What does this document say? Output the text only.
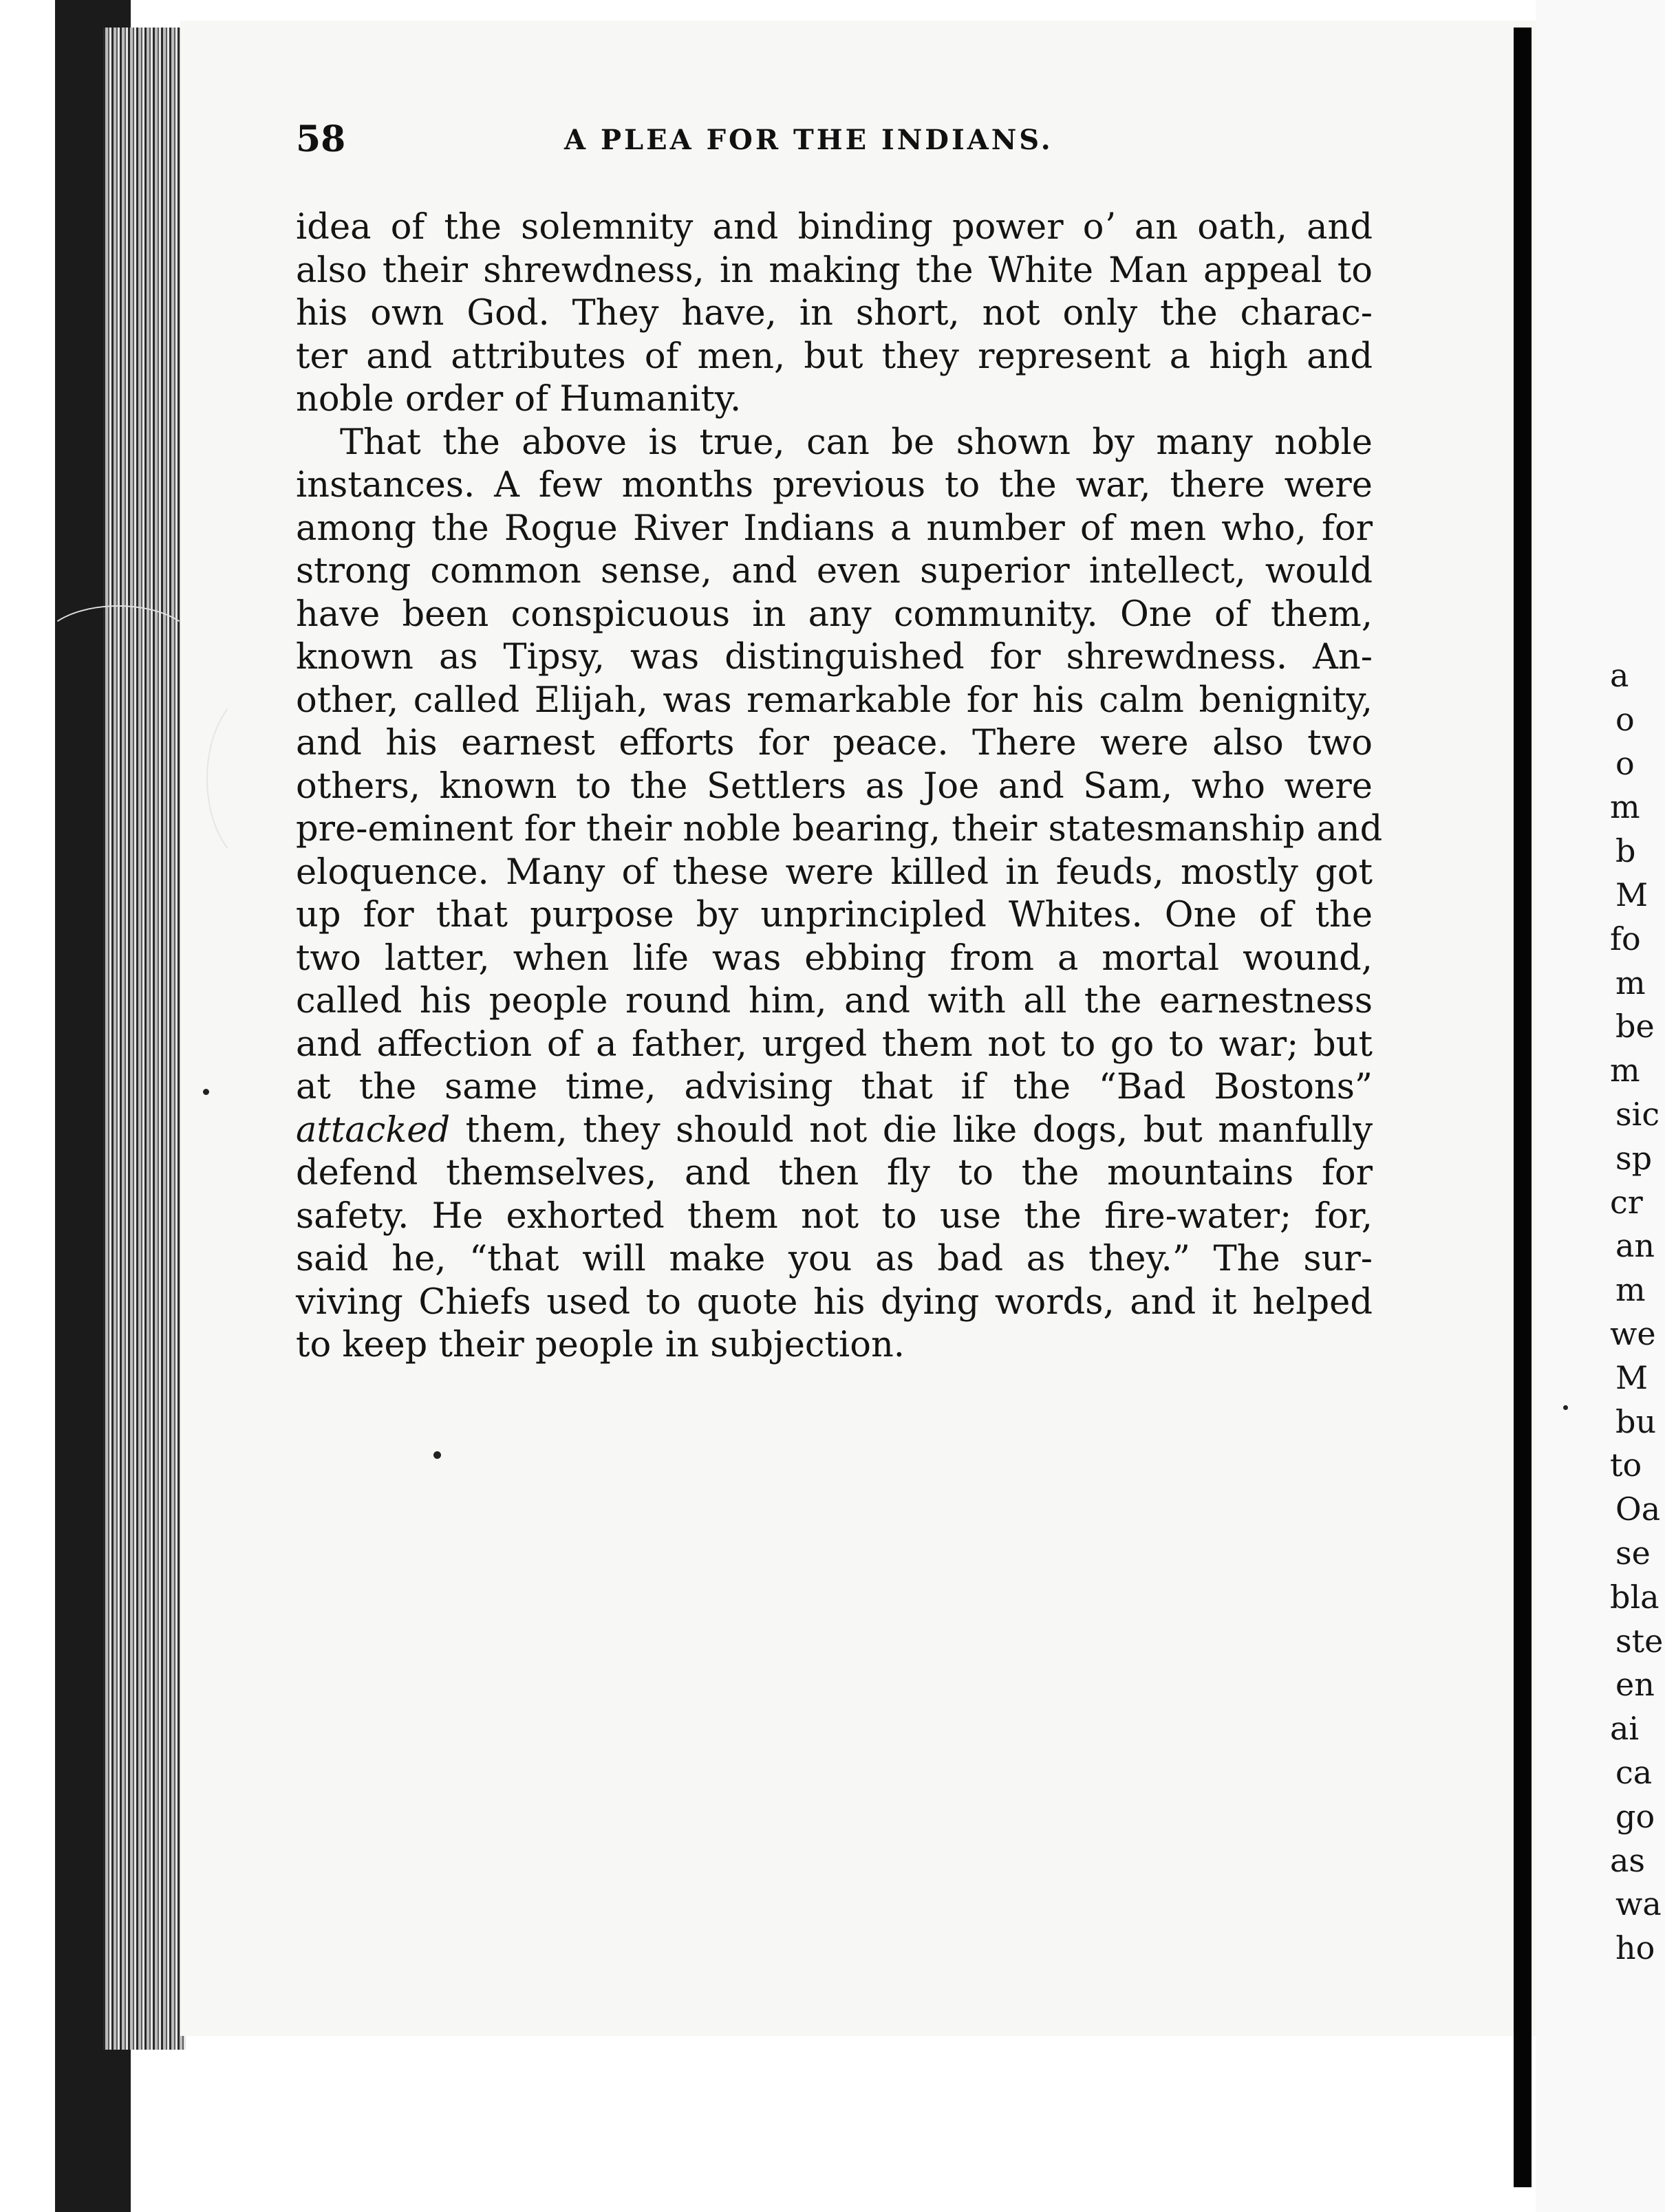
58	A PLEA FOR THE INDIANS.

idea of the solemnity and binding power oʼ an oath, and
also their shrewdness, in making the White Man appeal to
his own God. They have, in short, not only the charac-
ter and attributes of men, but they represent a high and
noble order of Humanity.

That the above is true, can be shown by many noble
instances. A few months previous to the war, there were
among the Rogue River Indians a number of men who, for
strong common sense, and even superior intellect, would
have been conspicuous in any community. One of them,
known as Tipsy, was distinguished for shrewdness. An-
other, called Elijah, was remarkable for his calm benignity,
and his earnest efforts for peace. There were also two
others, known to the Settlers as Joe and Sam, who were
pre-eminent for their noble bearing, their statesmanship and
eloquence. Many of these were killed in feuds, mostly got
up for that purpose by unprincipled Whites. One of the
two latter, when life was ebbing from a mortal wound,
called his people round him, and with all the earnestness
and affection of a father, urged them not to go to war; but
at the same time, advising that if the “Bad Bostons”
attacked them, they should not die like dogs, but manfully
defend themselves, and then fly to the mountains for
safety. He exhorted them not to use the fire-water; for,
said he, “that will make you as bad as they.” The sur-
viving Chiefs used to quote his dying words, and it helped
to keep their people in subjection.

a
o
o
m
b
M
fo
m
be
m
sic
sp
cr
an
m
we
M
bu
to
Oa
se
bla
ste
en
ai
ca
go
as
wa
ho
